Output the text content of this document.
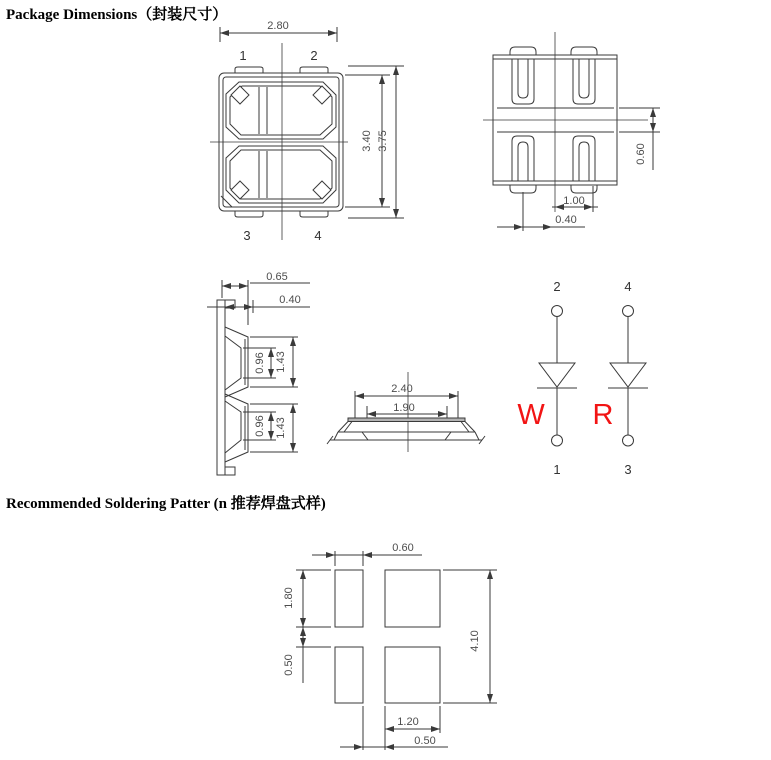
Package Dimensions（封装尺寸）
Recommended Soldering Patter (n 推荐焊盘式样)
1	2
3	4
2.80
3.40 3.75
0.60
1.00
0.40
0.65
0.40
1.43
0.96
1.43
0.96
2.40
1.90
2
1
W
4
3
R
0.60
1.80
0.50
4.10
1.20
0.50
